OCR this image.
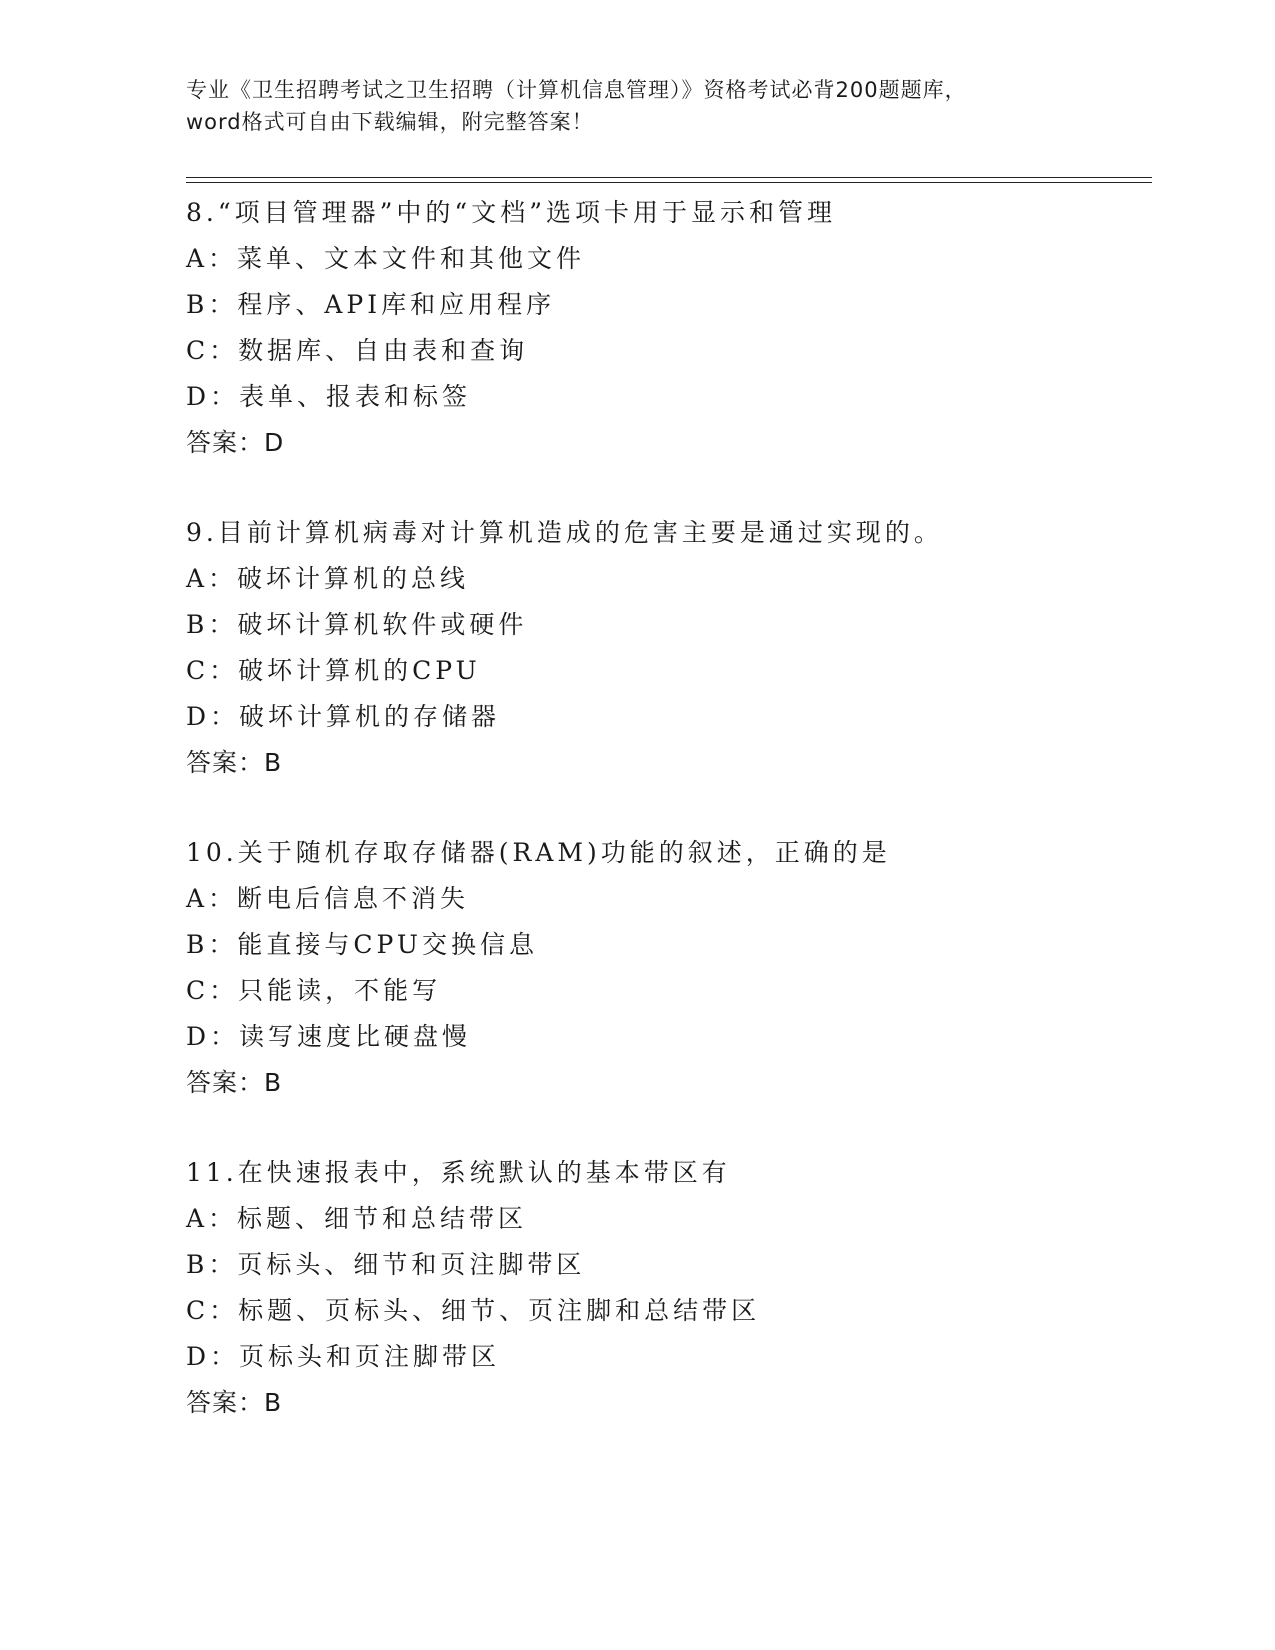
专业《卫生招聘考试之卫生招聘（计算机信息管理）》资格考试必背200题题库，
word格式可自由下载编辑，附完整答案！
8.“项目管理器”中的“文档”选项卡用于显示和管理
A：菜单、文本文件和其他文件
B：程序、API库和应用程序
C：数据库、自由表和查询
D：表单、报表和标签
答案：D
9.目前计算机病毒对计算机造成的危害主要是通过实现的。
A：破坏计算机的总线
B：破坏计算机软件或硬件
C：破坏计算机的CPU
D：破坏计算机的存储器
答案：B
10.关于随机存取存储器(RAM)功能的叙述，正确的是
A：断电后信息不消失
B：能直接与CPU交换信息
C：只能读，不能写
D：读写速度比硬盘慢
答案：B
11.在快速报表中，系统默认的基本带区有
A：标题、细节和总结带区
B：页标头、细节和页注脚带区
C：标题、页标头、细节、页注脚和总结带区
D：页标头和页注脚带区
答案：B
